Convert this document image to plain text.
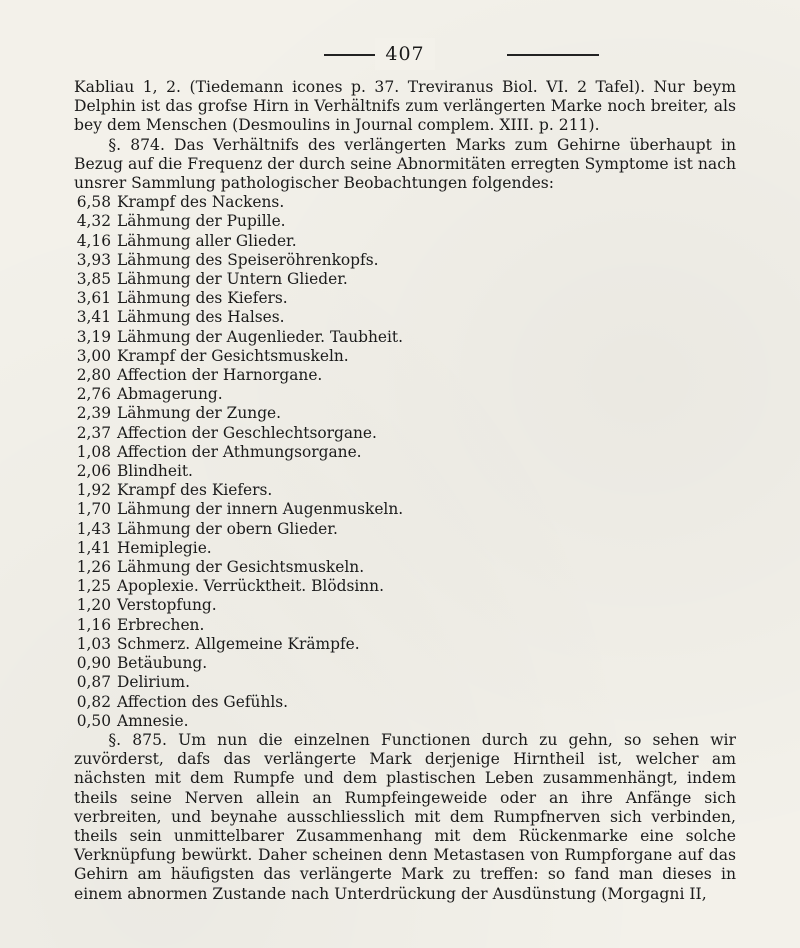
407

Kabliau 1, 2. (Tiedemann icones p. 37. Treviranus Biol. VI. 2 Tafel). Nur beym Delphin ist das grofse Hirn in Verhältnifs zum verlängerten Marke noch breiter, als bey dem Menschen (Desmoulins in Journal complem. XIII. p. 211).

§. 874. Das Verhältnifs des verlängerten Marks zum Gehirne überhaupt in Bezug auf die Frequenz der durch seine Abnormitäten erregten Symptome ist nach unsrer Sammlung pathologischer Beobachtungen folgendes:

6,58 Krampf des Nackens.
4,32 Lähmung der Pupille.
4,16 Lähmung aller Glieder.
3,93 Lähmung des Speiseröhrenkopfs.
3,85 Lähmung der Untern Glieder.
3,61 Lähmung des Kiefers.
3,41 Lähmung des Halses.
3,19 Lähmung der Augenlieder. Taubheit.
3,00 Krampf der Gesichtsmuskeln.
2,80 Affection der Harnorgane.
2,76 Abmagerung.
2,39 Lähmung der Zunge.
2,37 Affection der Geschlechtsorgane.
1,08 Affection der Athmungsorgane.
2,06 Blindheit.
1,92 Krampf des Kiefers.
1,70 Lähmung der innern Augenmuskeln.
1,43 Lähmung der obern Glieder.
1,41 Hemiplegie.
1,26 Lähmung der Gesichtsmuskeln.
1,25 Apoplexie. Verrücktheit. Blödsinn.
1,20 Verstopfung.
1,16 Erbrechen.
1,03 Schmerz. Allgemeine Krämpfe.
0,90 Betäubung.
0,87 Delirium.
0,82 Affection des Gefühls.
0,50 Amnesie.

§. 875. Um nun die einzelnen Functionen durch zu gehn, so sehen wir zuvörderst, dafs das verlängerte Mark derjenige Hirntheil ist, welcher am nächsten mit dem Rumpfe und dem plastischen Leben zusammenhängt, indem theils seine Nerven allein an Rumpfeingeweide oder an ihre Anfänge sich verbreiten, und beynahe ausschliesslich mit dem Rumpfnerven sich verbinden, theils sein unmittelbarer Zusammenhang mit dem Rückenmarke eine solche Verknüpfung bewürkt. Daher scheinen denn Metastasen von Rumpforgane auf das Gehirn am häufigsten das verlängerte Mark zu treffen: so fand man dieses in einem abnormen Zustande nach Unterdrückung der Ausdünstung (Morgagni II,
